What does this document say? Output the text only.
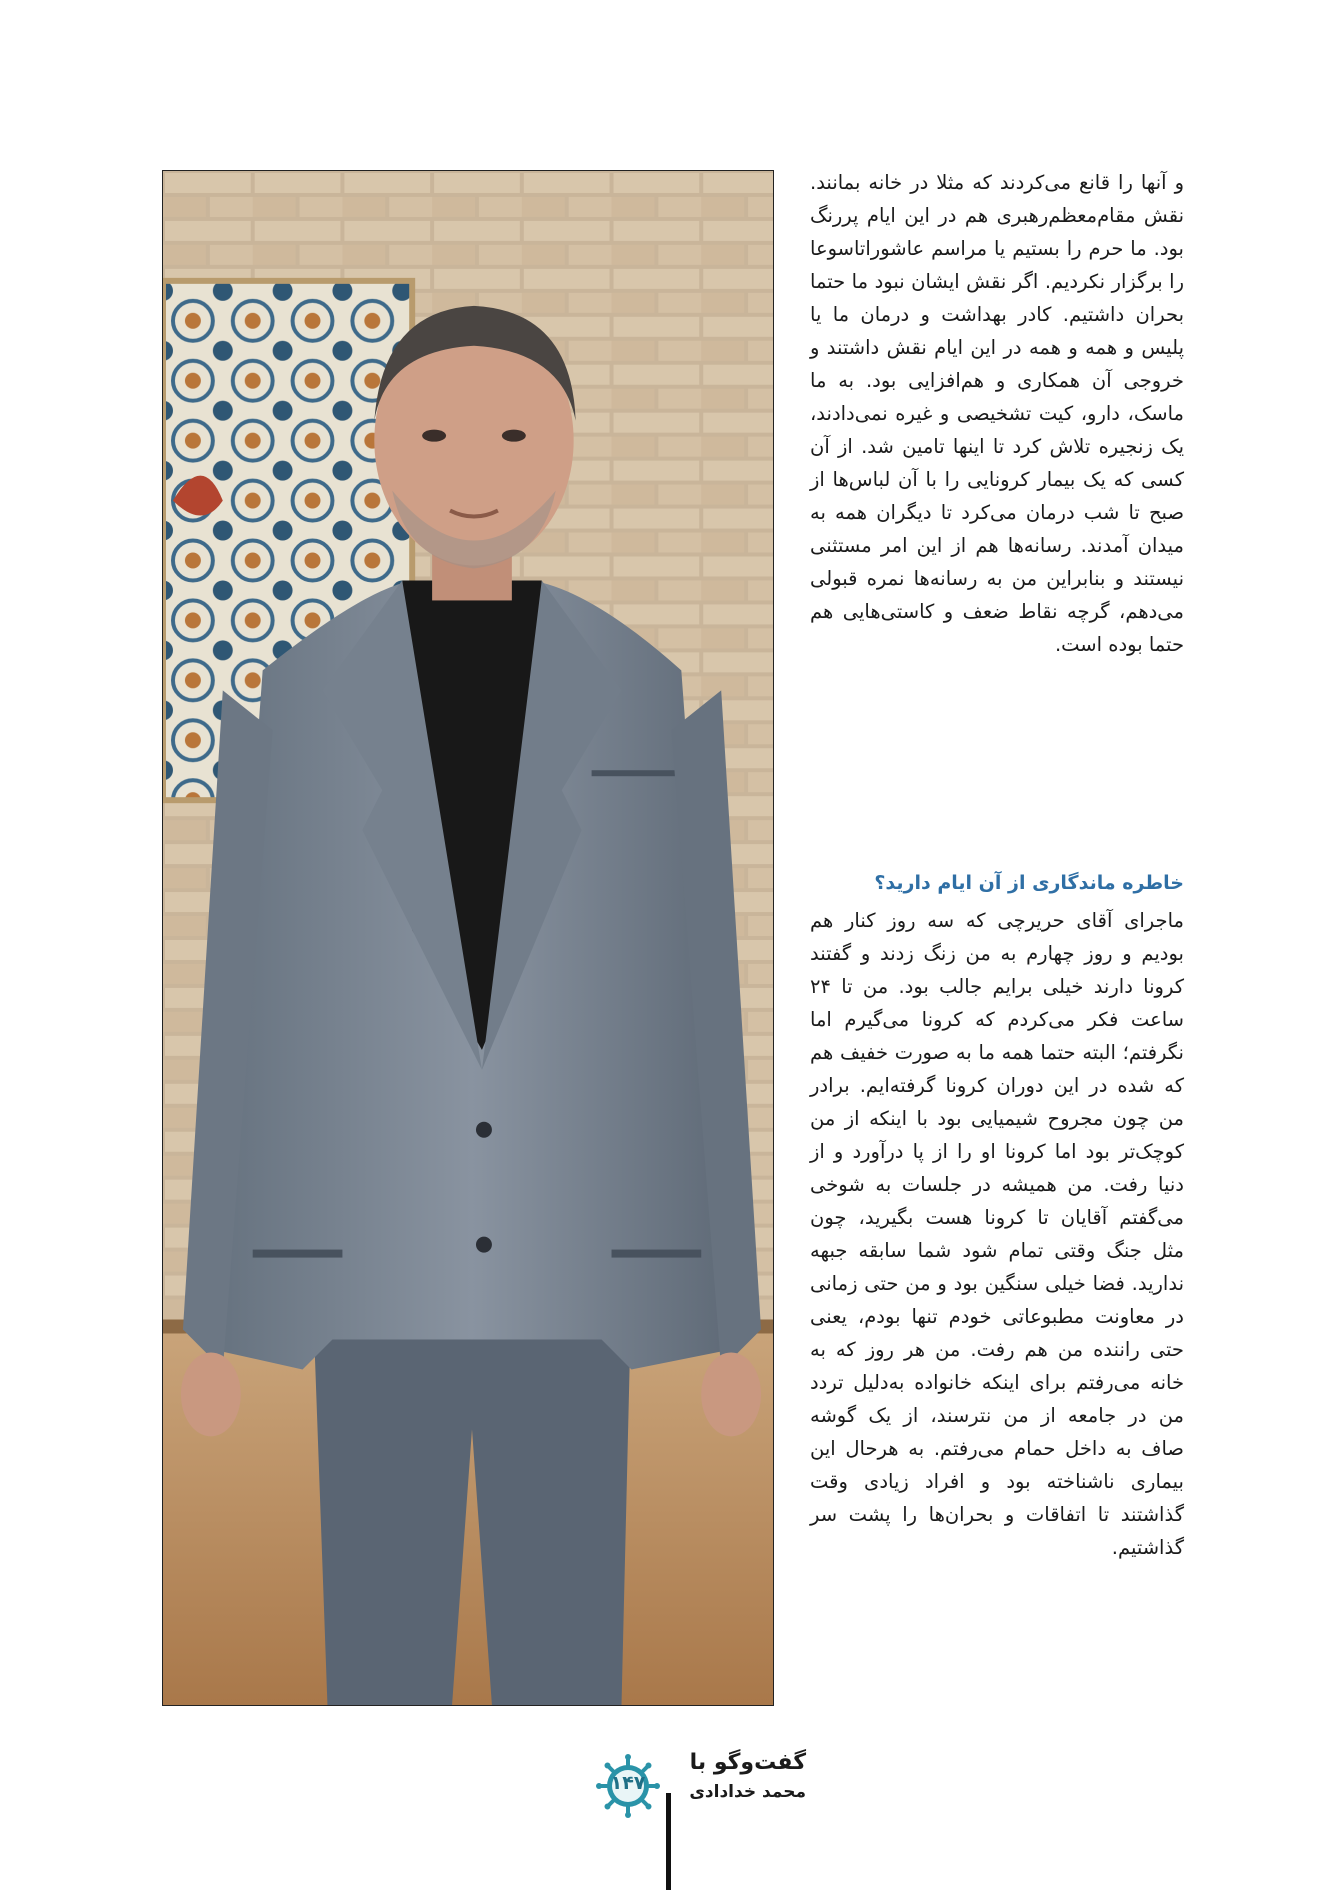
و آنها را قانع می‌کردند که مثلا در خانه بمانند. نقش مقام‌معظم‌رهبری هم در این ایام پررنگ بود. ما حرم را بستیم یا مراسم عاشوراتاسوعا را برگزار نکردیم. اگر نقش ایشان نبود ما حتما بحران داشتیم. کادر بهداشت و درمان ما یا پلیس و همه و همه در این ایام نقش داشتند و خروجی آن همکاری و هم‌افزایی بود. به ما ماسک، دارو، کیت تشخیصی و غیره نمی‌دادند، یک زنجیره تلاش کرد تا اینها تامین شد. از آن کسی که یک بیمار کرونایی را با آن لباس‌ها از صبح تا شب درمان می‌کرد تا دیگران همه به میدان آمدند. رسانه‌ها هم از این امر مستثنی نیستند و بنابراین من به رسانه‌ها نمره قبولی می‌دهم، گرچه نقاط ضعف و کاستی‌هایی هم حتما بوده است.

خاطره ماندگاری از آن ایام دارید؟

ماجرای آقای حریرچی که سه روز کنار هم بودیم و روز چهارم به من زنگ زدند و گفتند کرونا دارند خیلی برایم جالب بود. من تا ۲۴ ساعت فکر می‌کردم که کرونا می‌گیرم اما نگرفتم؛ البته حتما همه ما به صورت خفیف هم که شده در این دوران کرونا گرفته‌ایم. برادر من چون مجروح شیمیایی بود با اینکه از من کوچک‌تر بود اما کرونا او را از پا درآورد و از دنیا رفت. من همیشه در جلسات به شوخی می‌گفتم آقایان تا کرونا هست بگیرید، چون مثل جنگ وقتی تمام شود شما سابقه جبهه ندارید. فضا خیلی سنگین بود و من حتی زمانی در معاونت مطبوعاتی خودم تنها بودم، یعنی حتی راننده من هم رفت. من هر روز که به خانه می‌رفتم برای اینکه خانواده به‌دلیل تردد من در جامعه از من نترسند، از یک گوشه صاف به داخل حمام می‌رفتم. به هرحال این بیماری ناشناخته بود و افراد زیادی وقت گذاشتند تا اتفاقات و بحران‌ها را پشت سر گذاشتیم.

۱۴۷
گفت‌وگو با
محمد خدادادی
